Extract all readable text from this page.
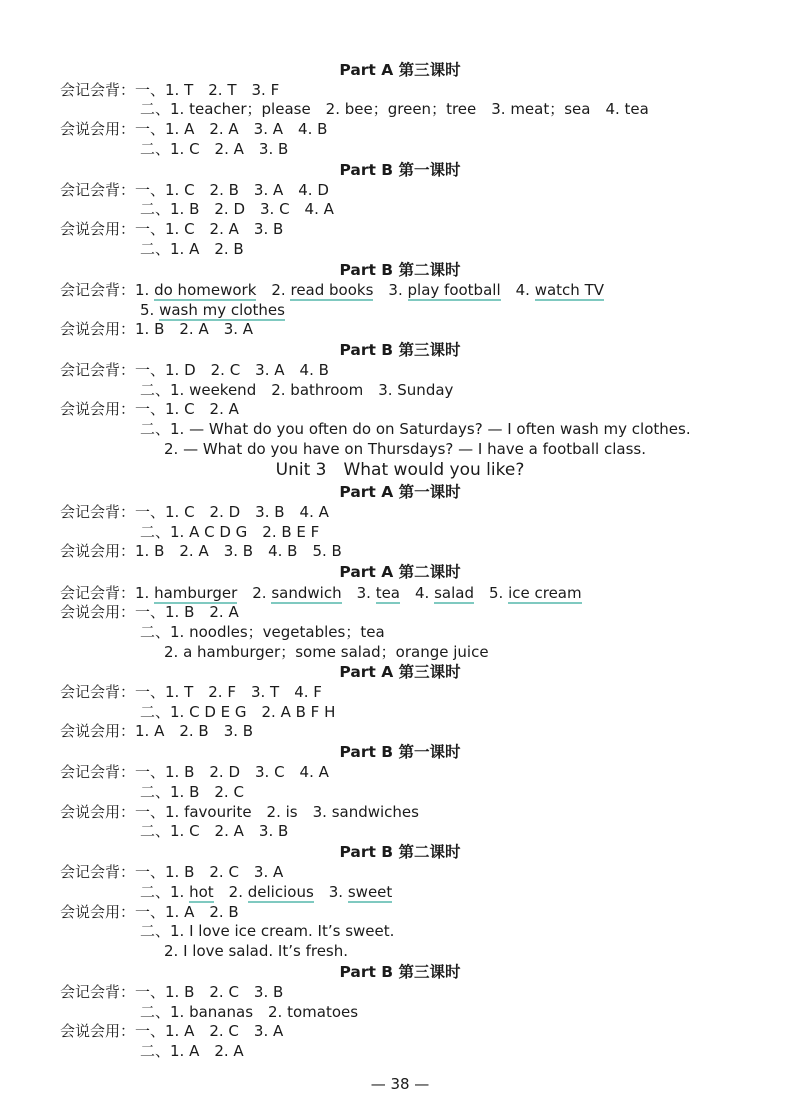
Part A 第三课时
会记会背：一、1. T　2. T　3. F
二、1. teacher；please　2. bee；green；tree　3. meat；sea　4. tea
会说会用：一、1. A　2. A　3. A　4. B
二、1. C　2. A　3. B
Part B 第一课时
会记会背：一、1. C　2. B　3. A　4. D
二、1. B　2. D　3. C　4. A
会说会用：一、1. C　2. A　3. B
二、1. A　2. B
Part B 第二课时
会记会背：1. do homework　2. read books　3. play football　4. watch TV
5. wash my clothes
会说会用：1. B　2. A　3. A
Part B 第三课时
会记会背：一、1. D　2. C　3. A　4. B
二、1. weekend　2. bathroom　3. Sunday
会说会用：一、1. C　2. A
二、1. — What do you often do on Saturdays? — I often wash my clothes.
2. — What do you have on Thursdays? — I have a football class.
Unit 3　What would you like?
Part A 第一课时
会记会背：一、1. C　2. D　3. B　4. A
二、1. A C D G　2. B E F
会说会用：1. B　2. A　3. B　4. B　5. B
Part A 第二课时
会记会背：1. hamburger　2. sandwich　3. tea　4. salad　5. ice cream
会说会用：一、1. B　2. A
二、1. noodles；vegetables；tea
2. a hamburger；some salad；orange juice
Part A 第三课时
会记会背：一、1. T　2. F　3. T　4. F
二、1. C D E G　2. A B F H
会说会用：1. A　2. B　3. B
Part B 第一课时
会记会背：一、1. B　2. D　3. C　4. A
二、1. B　2. C
会说会用：一、1. favourite　2. is　3. sandwiches
二、1. C　2. A　3. B
Part B 第二课时
会记会背：一、1. B　2. C　3. A
二、1. hot　2. delicious　3. sweet
会说会用：一、1. A　2. B
二、1. I love ice cream. It’s sweet.
2. I love salad. It’s fresh.
Part B 第三课时
会记会背：一、1. B　2. C　3. B
二、1. bananas　2. tomatoes
会说会用：一、1. A　2. C　3. A
二、1. A　2. A
— 38 —
